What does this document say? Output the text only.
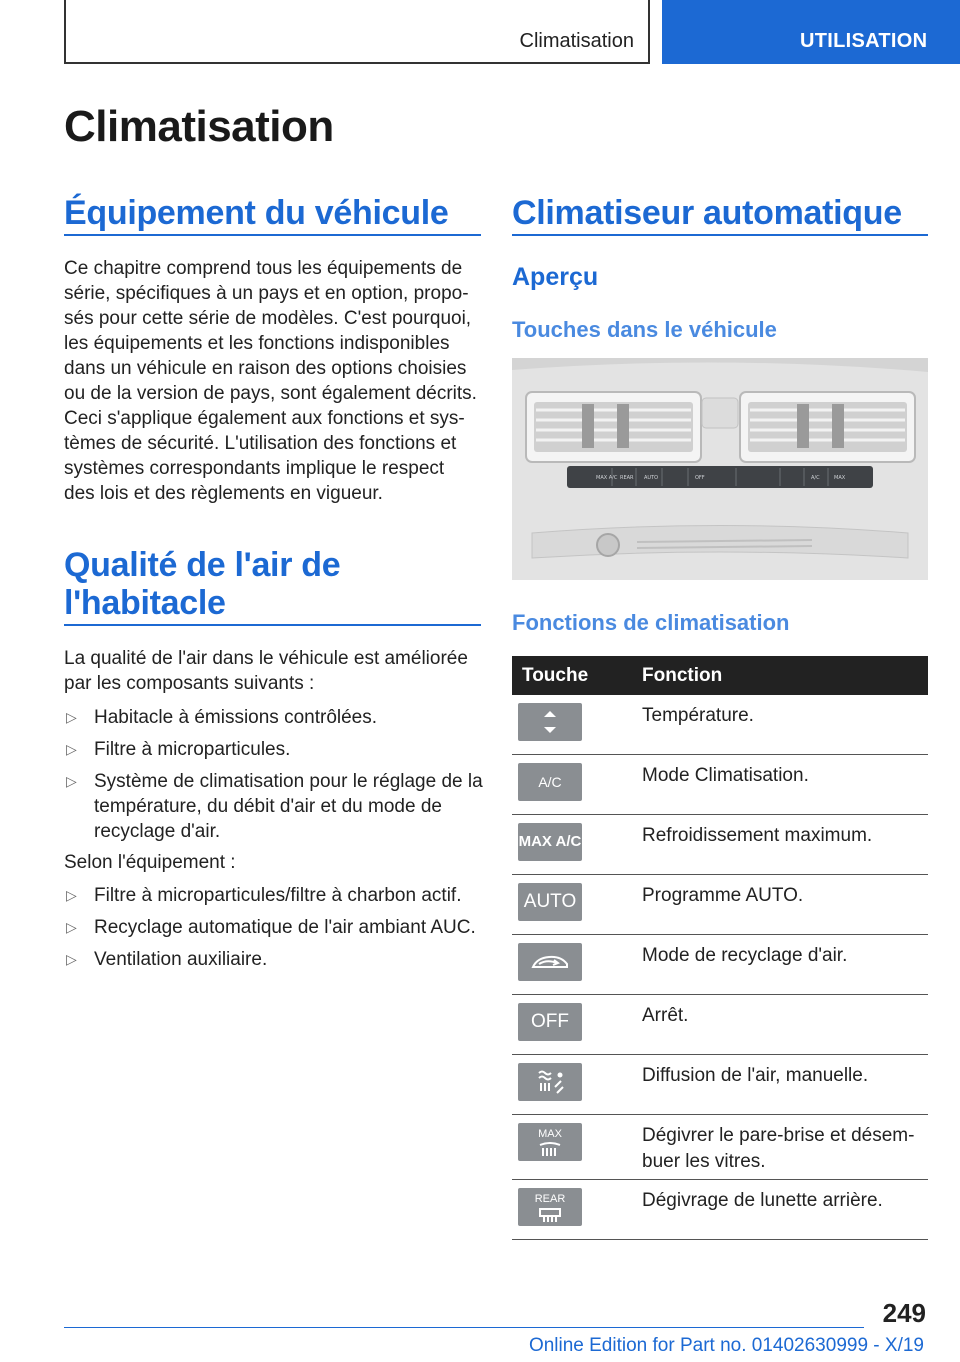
Climatisation	UTILISATION
Climatisation
Équipement du véhicule
Ce chapitre comprend tous les équipements de
série, spécifiques à un pays et en option, propo-
sés pour cette série de modèles. C'est pourquoi,
les équipements et les fonctions indisponibles
dans un véhicule en raison des options choisies
ou de la version de pays, sont également décrits.
Ceci s'applique également aux fonctions et sys-
tèmes de sécurité. L'utilisation des fonctions et
systèmes correspondants implique le respect
des lois et des règlements en vigueur.
Qualité de l'air de
l'habitacle
La qualité de l'air dans le véhicule est améliorée
par les composants suivants :
▷ Habitacle à émissions contrôlées.
▷ Filtre à microparticules.
▷ Système de climatisation pour le réglage de la température, du débit d'air et du mode de recyclage d'air.
Selon l'équipement :
▷ Filtre à microparticules/filtre à charbon actif.
▷ Recyclage automatique de l'air ambiant AUC.
▷ Ventilation auxiliaire.
Climatiseur automatique
Aperçu
Touches dans le véhicule
MAX A/C REAR AUTO	OFF	A/C	MAX
Fonctions de climatisation
Touche	Fonction

	Température.

A/C	Mode Climatisation.

MAX A/C	Refroidissement maximum.

AUTO	Programme AUTO.

	Mode de recyclage d'air.

OFF	Arrêt.

	Diffusion de l'air, manuelle.

MAX	Dégivrer le pare-brise et désem-buer les vitres.

REAR	Dégivrage de lunette arrière.
249
Online Edition for Part no. 01402630999 - X/19
